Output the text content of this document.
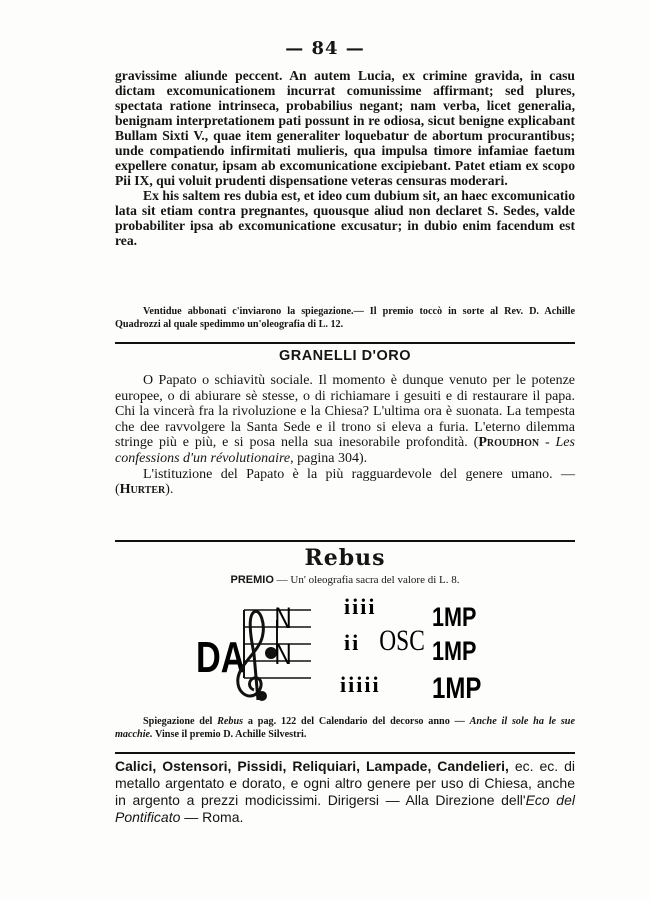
— 84 —

gravissime aliunde peccent. An autem Lucia, ex crimine gravida, in casu dictam excomunicationem incurrat comunissime affirmant; sed plures, spectata ratione intrinseca, probabilius negant; nam verba, licet generalia, benignam interpretationem pati possunt in re odiosa, sicut benigne explicabant Bullam Sixti V., quae item generaliter loquebatur de abortum procurantibus; unde compatiendo infirmitati mulieris, qua impulsa timore infamiae faetum expellere conatur, ipsam ab excomunicatione excipiebant. Patet etiam ex scopo Pii IX, qui voluit prudenti dispensatione veteras censuras moderari.

Ex his saltem res dubia est, et ideo cum dubium sit, an haec excomunicatio lata sit etiam contra pregnantes, quousque aliud non declaret S. Sedes, valde probabiliter ipsa ab excomunicatione excusatur; in dubio enim facendum est rea.

Ventidue abbonati c'inviarono la spiegazione.— Il premio toccò in sorte al Rev. D. Achille Quadrozzi al quale spedimmo un'oleografia di L. 12.

GRANELLI D'ORO

O Papato o schiavitù sociale. Il momento è dunque venuto per le potenze europee, o di abiurare sè stesse, o di richiamare i gesuiti e di restaurare il papa. Chi la vincerà fra la rivoluzione e la Chiesa? L'ultima ora è suonata. La tempesta che dee ravvolgere la Santa Sede e il trono si eleva a furia. L'eterno dilemma stringe più e più, e si posa nella sua inesorabile profondità. (Proudhon - Les confessions d'un révolutionaire, pagina 304).

L'istituzione del Papato è la più ragguardevole del genere umano. — (Hurter).

Rebus
PREMIO — Un' oleografia sacra del valore di L. 8.
DA
N
N
iiii
ii
iiiii
OSC
1MP
1MP
1MP

Spiegazione del Rebus a pag. 122 del Calendario del decorso anno — Anche il sole ha le sue macchie. Vinse il premio D. Achille Silvestri.

Calici, Ostensori, Pissidi, Reliquiari, Lampade, Candelieri, ec. ec. di metallo argentato e dorato, e ogni altro genere per uso di Chiesa, anche in argento a prezzi modicissimi. Dirigersi — Alla Direzione dell'Eco del Pontificato — Roma.
